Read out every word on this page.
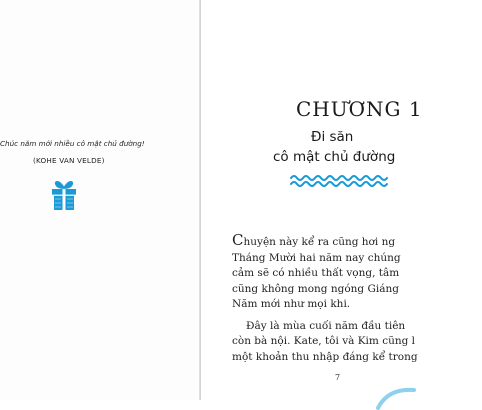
Chúc năm mới nhiều cô mật chủ đường!
(KOHE VAN VELDE)
CHƯƠNG 1
Đi săn
cô mật chủ đường

Chuyện này kể ra cũng hơi ng
Tháng Mười hai năm nay chúng
cảm sẽ có nhiều thất vọng, tâm
cũng không mong ngóng Giáng
Năm mới như mọi khi.

Đây là mùa cuối năm đầu tiên
còn bà nội. Kate, tôi và Kim cũng l
một khoản thu nhập đáng kể trong

7
